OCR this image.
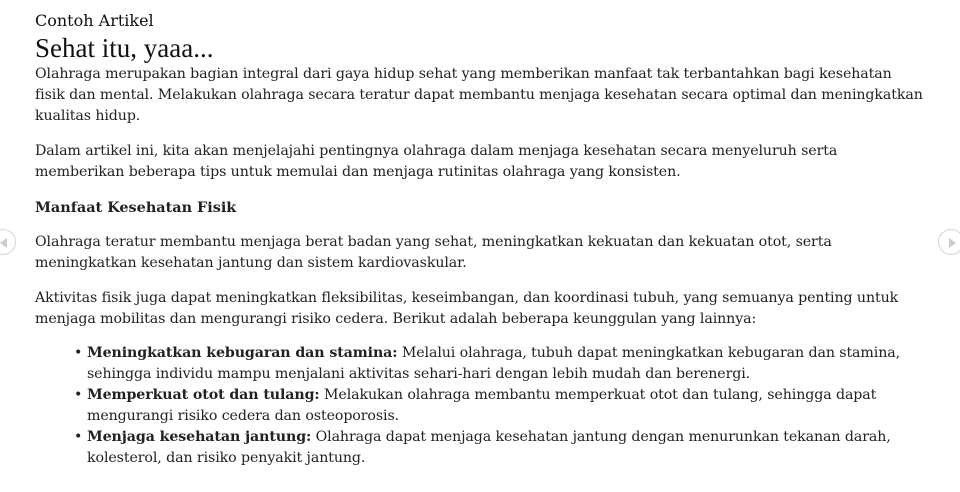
Contoh Artikel

Sehat itu, yaaa...

Olahraga merupakan bagian integral dari gaya hidup sehat yang memberikan manfaat tak terbantahkan bagi kesehatan fisik dan mental. Melakukan olahraga secara teratur dapat membantu menjaga kesehatan secara optimal dan meningkatkan kualitas hidup.

Dalam artikel ini, kita akan menjelajahi pentingnya olahraga dalam menjaga kesehatan secara menyeluruh serta memberikan beberapa tips untuk memulai dan menjaga rutinitas olahraga yang konsisten.

Manfaat Kesehatan Fisik

Olahraga teratur membantu menjaga berat badan yang sehat, meningkatkan kekuatan dan kekuatan otot, serta meningkatkan kesehatan jantung dan sistem kardiovaskular.

Aktivitas fisik juga dapat meningkatkan fleksibilitas, keseimbangan, dan koordinasi tubuh, yang semuanya penting untuk menjaga mobilitas dan mengurangi risiko cedera. Berikut adalah beberapa keunggulan yang lainnya:

• Meningkatkan kebugaran dan stamina: Melalui olahraga, tubuh dapat meningkatkan kebugaran dan stamina, sehingga individu mampu menjalani aktivitas sehari-hari dengan lebih mudah dan berenergi.
• Memperkuat otot dan tulang: Melakukan olahraga membantu memperkuat otot dan tulang, sehingga dapat mengurangi risiko cedera dan osteoporosis.
• Menjaga kesehatan jantung: Olahraga dapat menjaga kesehatan jantung dengan menurunkan tekanan darah, kolesterol, dan risiko penyakit jantung.
